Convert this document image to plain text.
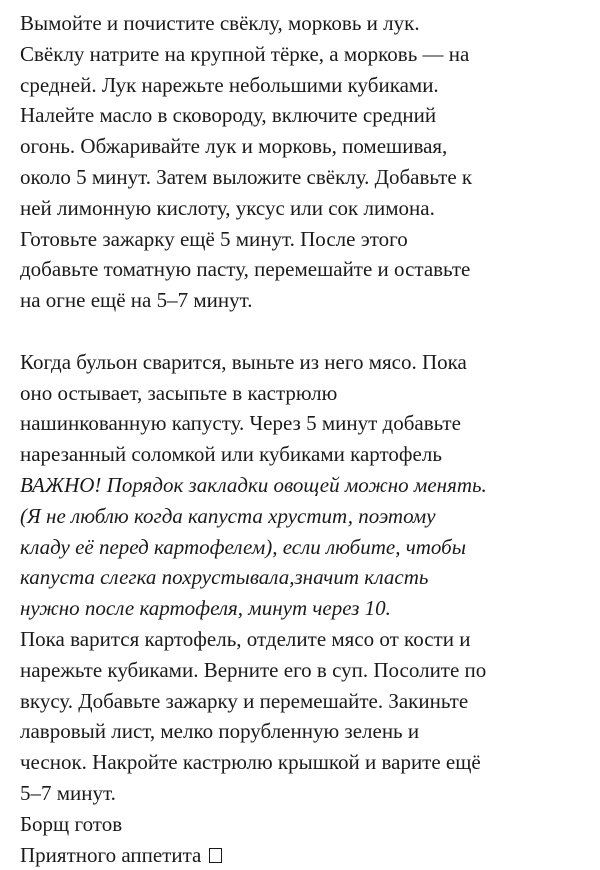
Вымойте и почистите свёклу, морковь и лук.
Свёклу натрите на крупной тёрке, а морковь — на
средней. Лук нарежьте небольшими кубиками.
Налейте масло в сковороду, включите средний
огонь. Обжаривайте лук и морковь, помешивая,
около 5 минут. Затем выложите свёклу. Добавьте к
ней лимонную кислоту, уксус или сок лимона.
Готовьте зажарку ещё 5 минут. После этого
добавьте томатную пасту, перемешайте и оставьте
на огне ещё на 5–7 минут.
Когда бульон сварится, выньте из него мясо. Пока
оно остывает, засыпьте в кастрюлю
нашинкованную капусту. Через 5 минут добавьте
нарезанный соломкой или кубиками картофель
ВАЖНО! Порядок закладки овощей можно менять.
(Я не люблю когда капуста хрустит, поэтому
кладу её перед картофелем), если любите, чтобы
капуста слегка похрустывала,значит класть
нужно после картофеля, минут через 10.
Пока варится картофель, отделите мясо от кости и
нарежьте кубиками. Верните его в суп. Посолите по
вкусу. Добавьте зажарку и перемешайте. Закиньте
лавровый лист, мелко порубленную зелень и
чеснок. Накройте кастрюлю крышкой и варите ещё
5–7 минут.
Борщ готов
Приятного аппетита
